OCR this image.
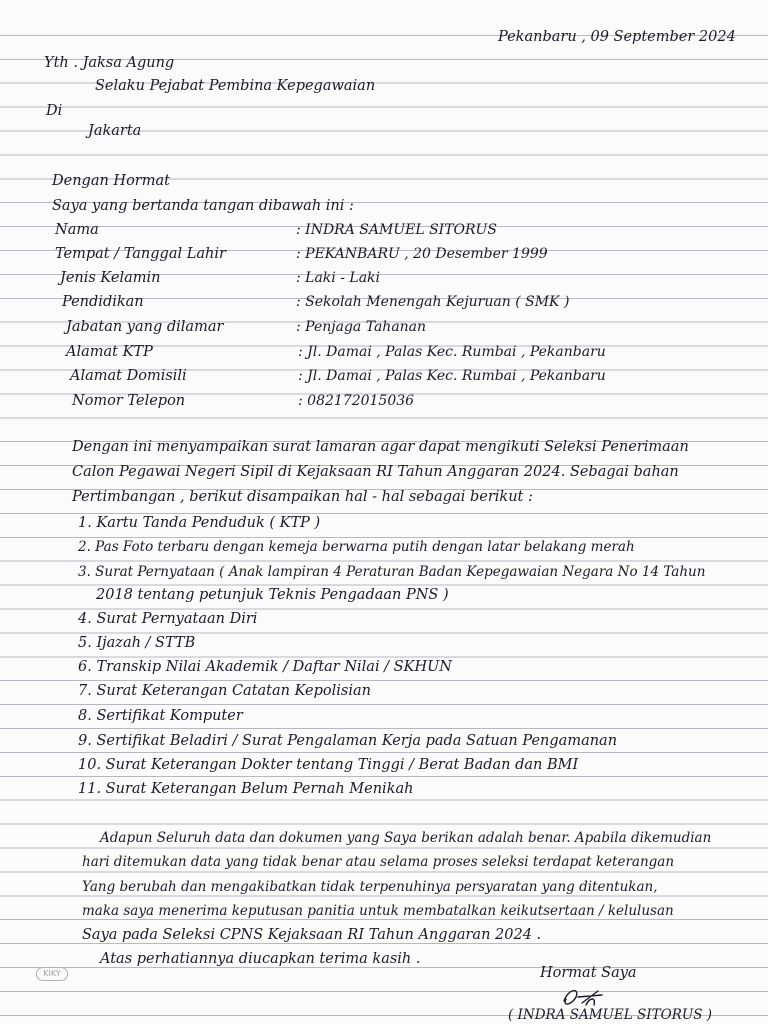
Pekanbaru , 09 September 2024
Yth . Jaksa Agung
Selaku Pejabat Pembina Kepegawaian
Di
Jakarta
Dengan Hormat
Saya yang bertanda tangan dibawah ini :
Nama	: INDRA SAMUEL SITORUS
Tempat / Tanggal Lahir	: PEKANBARU , 20 Desember 1999
Jenis Kelamin	: Laki - Laki
Pendidikan	: Sekolah Menengah Kejuruan ( SMK )
Jabatan yang dilamar	: Penjaga Tahanan
Alamat KTP	: Jl. Damai , Palas Kec. Rumbai , Pekanbaru
Alamat Domisili	: Jl. Damai , Palas Kec. Rumbai , Pekanbaru
Nomor Telepon	: 082172015036
Dengan ini menyampaikan surat lamaran agar dapat mengikuti Seleksi Penerimaan
Calon Pegawai Negeri Sipil di Kejaksaan RI Tahun Anggaran 2024. Sebagai bahan
Pertimbangan , berikut disampaikan hal - hal sebagai berikut :
1. Kartu Tanda Penduduk ( KTP )
2. Pas Foto terbaru dengan kemeja berwarna putih dengan latar belakang merah
3. Surat Pernyataan ( Anak lampiran 4 Peraturan Badan Kepegawaian Negara No 14 Tahun
2018 tentang petunjuk Teknis Pengadaan PNS )
4. Surat Pernyataan Diri
5. Ijazah / STTB
6. Transkip Nilai Akademik / Daftar Nilai / SKHUN
7. Surat Keterangan Catatan Kepolisian
8. Sertifikat Komputer
9. Sertifikat Beladiri / Surat Pengalaman Kerja pada Satuan Pengamanan
10. Surat Keterangan Dokter tentang Tinggi / Berat Badan dan BMI
11. Surat Keterangan Belum Pernah Menikah
Adapun Seluruh data dan dokumen yang Saya berikan adalah benar. Apabila dikemudian
hari ditemukan data yang tidak benar atau selama proses seleksi terdapat keterangan
Yang berubah dan mengakibatkan tidak terpenuhinya persyaratan yang ditentukan,
maka saya menerima keputusan panitia untuk membatalkan keikutsertaan / kelulusan
Saya pada Seleksi CPNS Kejaksaan RI Tahun Anggaran 2024 .
Atas perhatiannya diucapkan terima kasih .
KIKY	Hormat Saya
( INDRA SAMUEL SITORUS )
